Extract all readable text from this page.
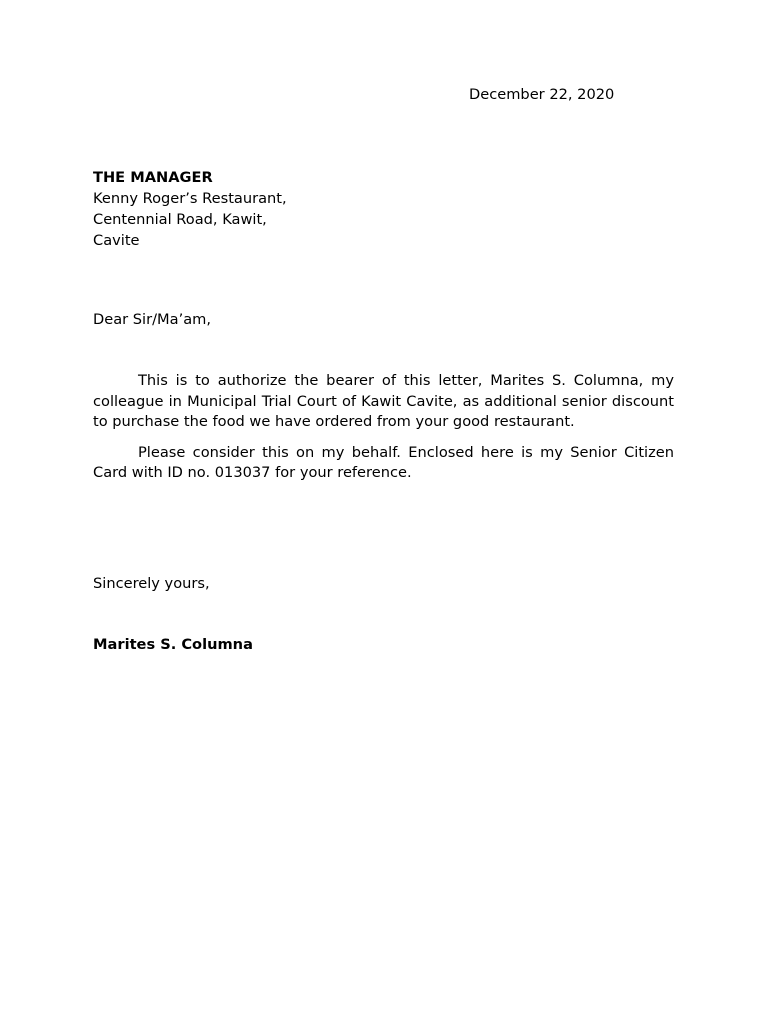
December 22, 2020
THE MANAGER
Kenny Roger’s Restaurant,
Centennial Road, Kawit,
Cavite
Dear Sir/Ma’am,

This is to authorize the bearer of this letter, Marites S. Columna, my colleague in Municipal Trial Court of Kawit Cavite, as additional senior discount to purchase the food we have ordered from your good restaurant.

Please consider this on my behalf. Enclosed here is my Senior Citizen Card with ID no. 013037 for your reference.

Sincerely yours,
Marites S. Columna
